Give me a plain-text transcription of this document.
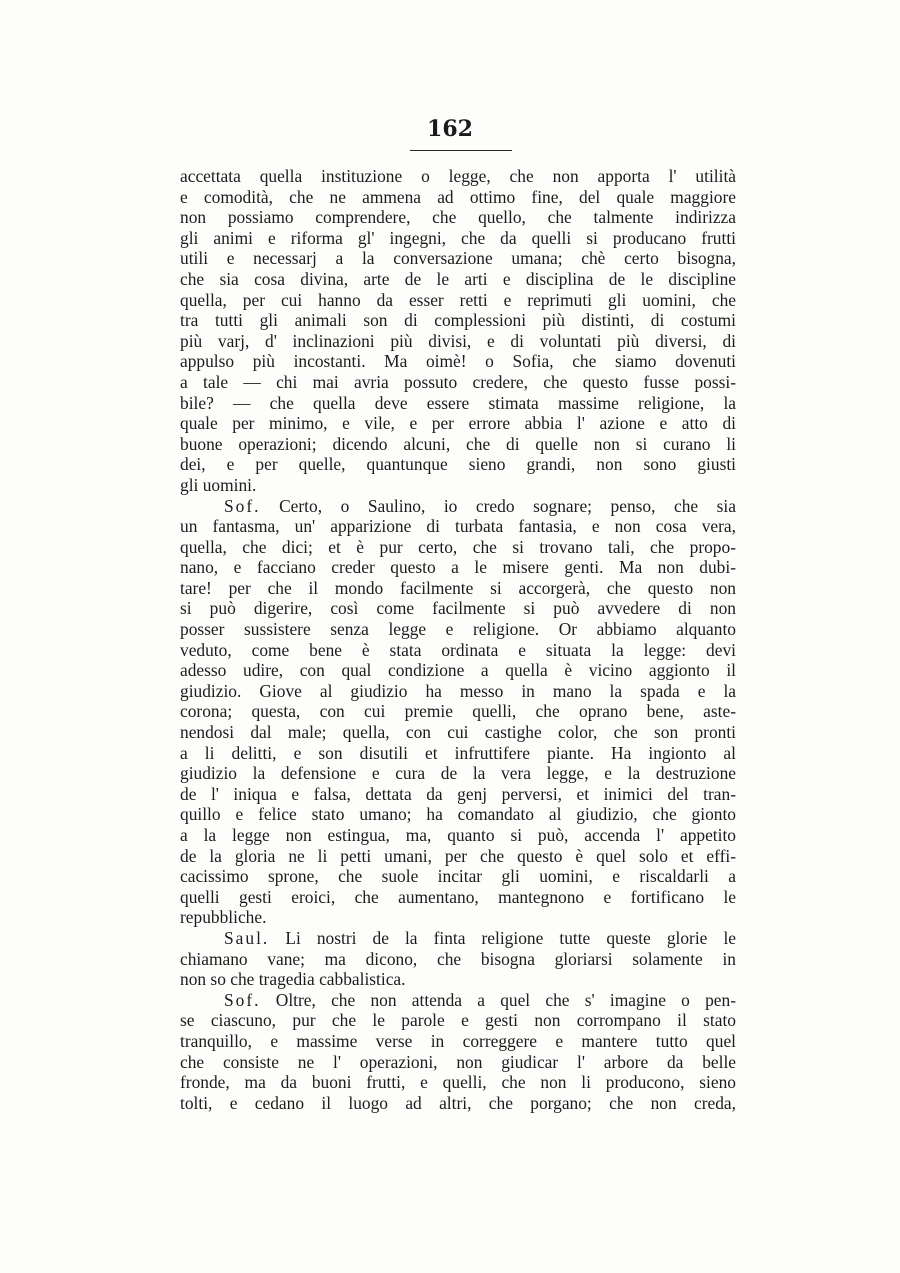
162
accettata quella instituzione o legge, che non apporta l' utilità
e comodità, che ne ammena ad ottimo fine, del quale maggiore
non possiamo comprendere, che quello, che talmente indirizza
gli animi e riforma gl' ingegni, che da quelli si producano frutti
utili e necessarj a la conversazione umana; chè certo bisogna,
che sia cosa divina, arte de le arti e disciplina de le discipline
quella, per cui hanno da esser retti e reprimuti gli uomini, che
tra tutti gli animali son di complessioni più distinti, di costumi
più varj, d' inclinazioni più divisi, e di voluntati più diversi, di
appulso più incostanti. Ma oimè! o Sofia, che siamo dovenuti
a tale — chi mai avria possuto credere, che questo fusse possi-
bile? — che quella deve essere stimata massime religione, la
quale per minimo, e vile, e per errore abbia l' azione e atto di
buone operazioni; dicendo alcuni, che di quelle non si curano li
dei, e per quelle, quantunque sieno grandi, non sono giusti
gli uomini.
Sof. Certo, o Saulino, io credo sognare; penso, che sia
un fantasma, un' apparizione di turbata fantasia, e non cosa vera,
quella, che dici; et è pur certo, che si trovano tali, che propo-
nano, e facciano creder questo a le misere genti. Ma non dubi-
tare! per che il mondo facilmente si accorgerà, che questo non
si può digerire, così come facilmente si può avvedere di non
posser sussistere senza legge e religione. Or abbiamo alquanto
veduto, come bene è stata ordinata e situata la legge: devi
adesso udire, con qual condizione a quella è vicino aggionto il
giudizio. Giove al giudizio ha messo in mano la spada e la
corona; questa, con cui premie quelli, che oprano bene, aste-
nendosi dal male; quella, con cui castighe color, che son pronti
a li delitti, e son disutili et infruttifere piante. Ha ingionto al
giudizio la defensione e cura de la vera legge, e la destruzione
de l' iniqua e falsa, dettata da genj perversi, et inimici del tran-
quillo e felice stato umano; ha comandato al giudizio, che gionto
a la legge non estingua, ma, quanto si può, accenda l' appetito
de la gloria ne li petti umani, per che questo è quel solo et effi-
cacissimo sprone, che suole incitar gli uomini, e riscaldarli a
quelli gesti eroici, che aumentano, mantegnono e fortificano le
repubbliche.
Saul. Li nostri de la finta religione tutte queste glorie le
chiamano vane; ma dicono, che bisogna gloriarsi solamente in
non so che tragedia cabbalistica.
Sof. Oltre, che non attenda a quel che s' imagine o pen-
se ciascuno, pur che le parole e gesti non corrompano il stato
tranquillo, e massime verse in correggere e mantere tutto quel
che consiste ne l' operazioni, non giudicar l' arbore da belle
fronde, ma da buoni frutti, e quelli, che non li producono, sieno
tolti, e cedano il luogo ad altri, che porgano; che non creda,
